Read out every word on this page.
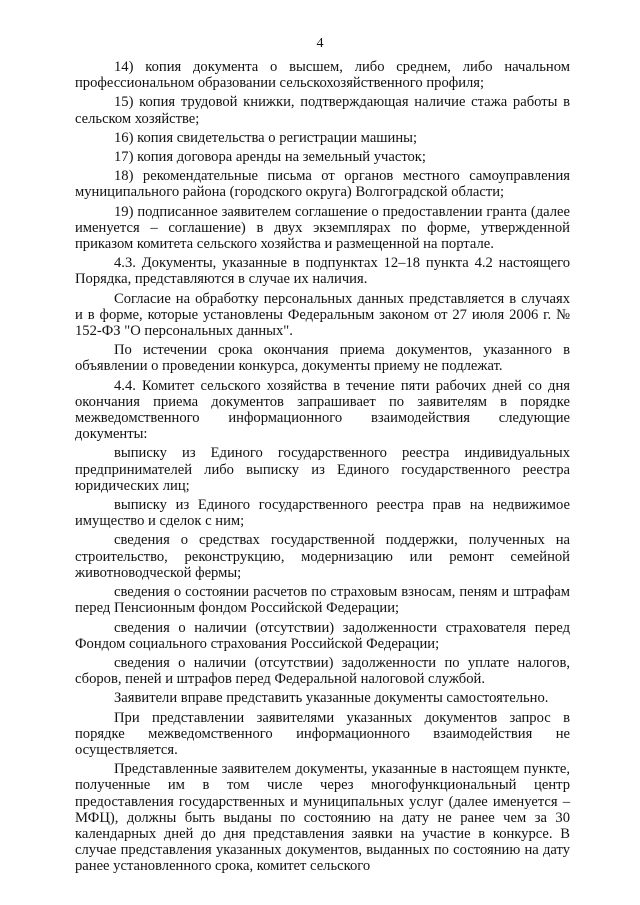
4

14) копия документа о высшем, либо среднем, либо начальном профессиональном образовании сельскохозяйственного профиля;

15) копия трудовой книжки, подтверждающая наличие стажа работы в сельском хозяйстве;

16) копия свидетельства о регистрации машины;

17) копия договора аренды на земельный участок;

18) рекомендательные письма от органов местного самоуправления муниципального района (городского округа) Волгоградской области;

19) подписанное заявителем соглашение о предоставлении гранта (далее именуется – соглашение) в двух экземплярах по форме, утвержденной приказом комитета сельского хозяйства и размещенной на портале.

4.3. Документы, указанные в подпунктах 12–18 пункта 4.2 настоящего Порядка, представляются в случае их наличия.

Согласие на обработку персональных данных представляется в случаях и в форме, которые установлены Федеральным законом от 27 июля 2006 г. № 152-ФЗ "О персональных данных".

По истечении срока окончания приема документов, указанного в объявлении о проведении конкурса, документы приему не подлежат.

4.4. Комитет сельского хозяйства в течение пяти рабочих дней со дня окончания приема документов запрашивает по заявителям в порядке межведомственного информационного взаимодействия следующие документы:

выписку из Единого государственного реестра индивидуальных предпринимателей либо выписку из Единого государственного реестра юридических лиц;

выписку из Единого государственного реестра прав на недвижимое имущество и сделок с ним;

сведения о средствах государственной поддержки, полученных на строительство, реконструкцию, модернизацию или ремонт семейной животноводческой фермы;

сведения о состоянии расчетов по страховым взносам, пеням и штрафам перед Пенсионным фондом Российской Федерации;

сведения о наличии (отсутствии) задолженности страхователя перед Фондом социального страхования Российской Федерации;

сведения о наличии (отсутствии) задолженности по уплате налогов, сборов, пеней и штрафов перед Федеральной налоговой службой.

Заявители вправе представить указанные документы самостоятельно.

При представлении заявителями указанных документов запрос в порядке межведомственного информационного взаимодействия не осуществляется.

Представленные заявителем документы, указанные в настоящем пункте, полученные им в том числе через многофункциональный центр предоставления государственных и муниципальных услуг (далее именуется – МФЦ), должны быть выданы по состоянию на дату не ранее чем за 30 календарных дней до дня представления заявки на участие в конкурсе. В случае представления указанных документов, выданных по состоянию на дату ранее установленного срока, комитет сельского
